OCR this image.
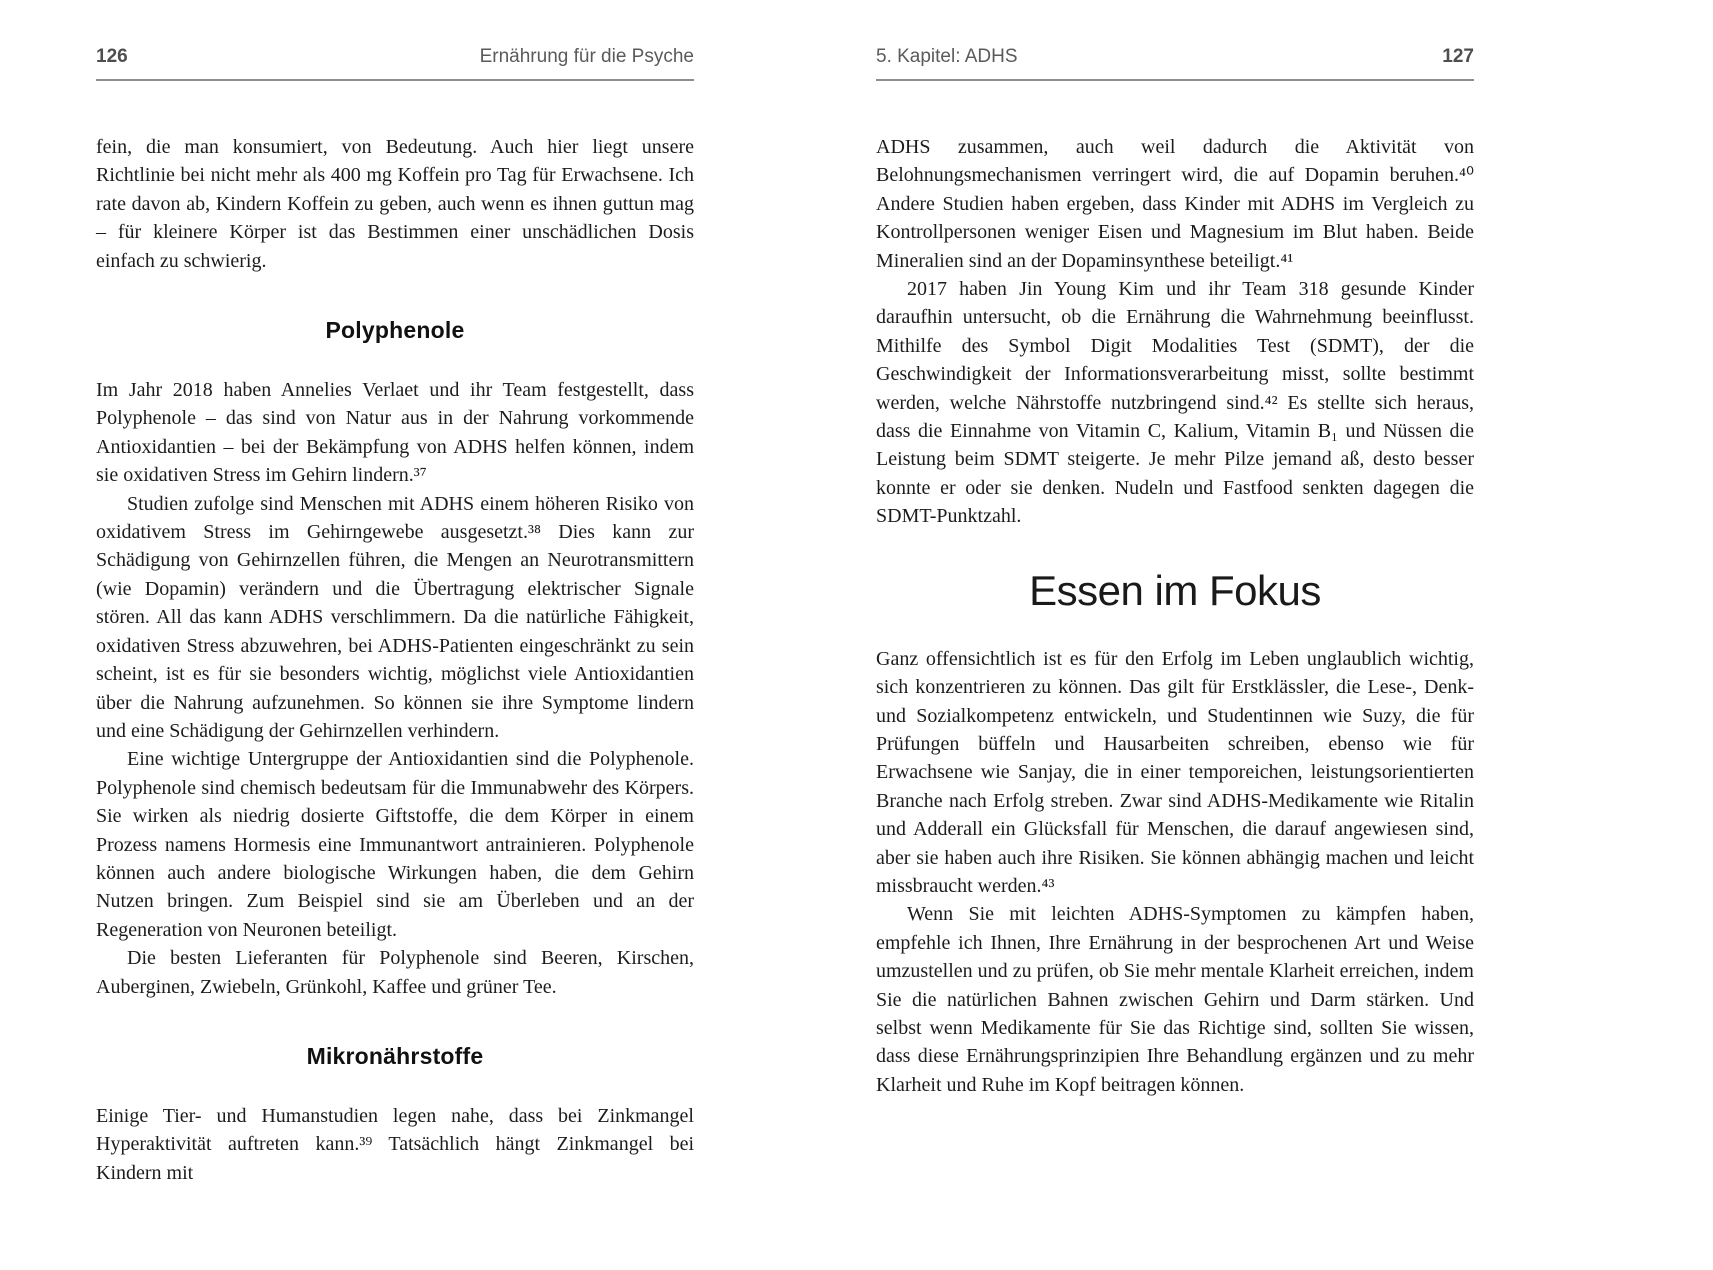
126	Ernährung für die Psyche

fein, die man konsumiert, von Bedeutung. Auch hier liegt unsere Richtlinie bei nicht mehr als 400 mg Koffein pro Tag für Erwachsene. Ich rate davon ab, Kindern Koffein zu geben, auch wenn es ihnen guttun mag – für kleinere Körper ist das Bestimmen einer unschädlichen Dosis einfach zu schwierig.

Polyphenole

Im Jahr 2018 haben Annelies Verlaet und ihr Team festgestellt, dass Polyphenole – das sind von Natur aus in der Nahrung vorkommende Antioxidantien – bei der Bekämpfung von ADHS helfen können, indem sie oxidativen Stress im Gehirn lindern.³⁷

Studien zufolge sind Menschen mit ADHS einem höheren Risiko von oxidativem Stress im Gehirngewebe ausgesetzt.³⁸ Dies kann zur Schädigung von Gehirnzellen führen, die Mengen an Neurotransmittern (wie Dopamin) verändern und die Übertragung elektrischer Signale stören. All das kann ADHS verschlimmern. Da die natürliche Fähigkeit, oxidativen Stress abzuwehren, bei ADHS-Patienten eingeschränkt zu sein scheint, ist es für sie besonders wichtig, möglichst viele Antioxidantien über die Nahrung aufzunehmen. So können sie ihre Symptome lindern und eine Schädigung der Gehirnzellen verhindern.

Eine wichtige Untergruppe der Antioxidantien sind die Polyphenole. Polyphenole sind chemisch bedeutsam für die Immunabwehr des Körpers. Sie wirken als niedrig dosierte Giftstoffe, die dem Körper in einem Prozess namens Hormesis eine Immunantwort antrainieren. Polyphenole können auch andere biologische Wirkungen haben, die dem Gehirn Nutzen bringen. Zum Beispiel sind sie am Überleben und an der Regeneration von Neuronen beteiligt.

Die besten Lieferanten für Polyphenole sind Beeren, Kirschen, Auberginen, Zwiebeln, Grünkohl, Kaffee und grüner Tee.

Mikronährstoffe

Einige Tier- und Humanstudien legen nahe, dass bei Zinkmangel Hyperaktivität auftreten kann.³⁹ Tatsächlich hängt Zinkmangel bei Kindern mit

5. Kapitel: ADHS	127

ADHS zusammen, auch weil dadurch die Aktivität von Belohnungsmechanismen verringert wird, die auf Dopamin beruhen.⁴⁰ Andere Studien haben ergeben, dass Kinder mit ADHS im Vergleich zu Kontrollpersonen weniger Eisen und Magnesium im Blut haben. Beide Mineralien sind an der Dopaminsynthese beteiligt.⁴¹

2017 haben Jin Young Kim und ihr Team 318 gesunde Kinder daraufhin untersucht, ob die Ernährung die Wahrnehmung beeinflusst. Mithilfe des Symbol Digit Modalities Test (SDMT), der die Geschwindigkeit der Informationsverarbeitung misst, sollte bestimmt werden, welche Nährstoffe nutzbringend sind.⁴² Es stellte sich heraus, dass die Einnahme von Vitamin C, Kalium, Vitamin B₁ und Nüssen die Leistung beim SDMT steigerte. Je mehr Pilze jemand aß, desto besser konnte er oder sie denken. Nudeln und Fastfood senkten dagegen die SDMT-Punktzahl.

Essen im Fokus

Ganz offensichtlich ist es für den Erfolg im Leben unglaublich wichtig, sich konzentrieren zu können. Das gilt für Erstklässler, die Lese-, Denk- und Sozialkompetenz entwickeln, und Studentinnen wie Suzy, die für Prüfungen büffeln und Hausarbeiten schreiben, ebenso wie für Erwachsene wie Sanjay, die in einer temporeichen, leistungsorientierten Branche nach Erfolg streben. Zwar sind ADHS-Medikamente wie Ritalin und Adderall ein Glücksfall für Menschen, die darauf angewiesen sind, aber sie haben auch ihre Risiken. Sie können abhängig machen und leicht missbraucht werden.⁴³

Wenn Sie mit leichten ADHS-Symptomen zu kämpfen haben, empfehle ich Ihnen, Ihre Ernährung in der besprochenen Art und Weise umzustellen und zu prüfen, ob Sie mehr mentale Klarheit erreichen, indem Sie die natürlichen Bahnen zwischen Gehirn und Darm stärken. Und selbst wenn Medikamente für Sie das Richtige sind, sollten Sie wissen, dass diese Ernährungsprinzipien Ihre Behandlung ergänzen und zu mehr Klarheit und Ruhe im Kopf beitragen können.
